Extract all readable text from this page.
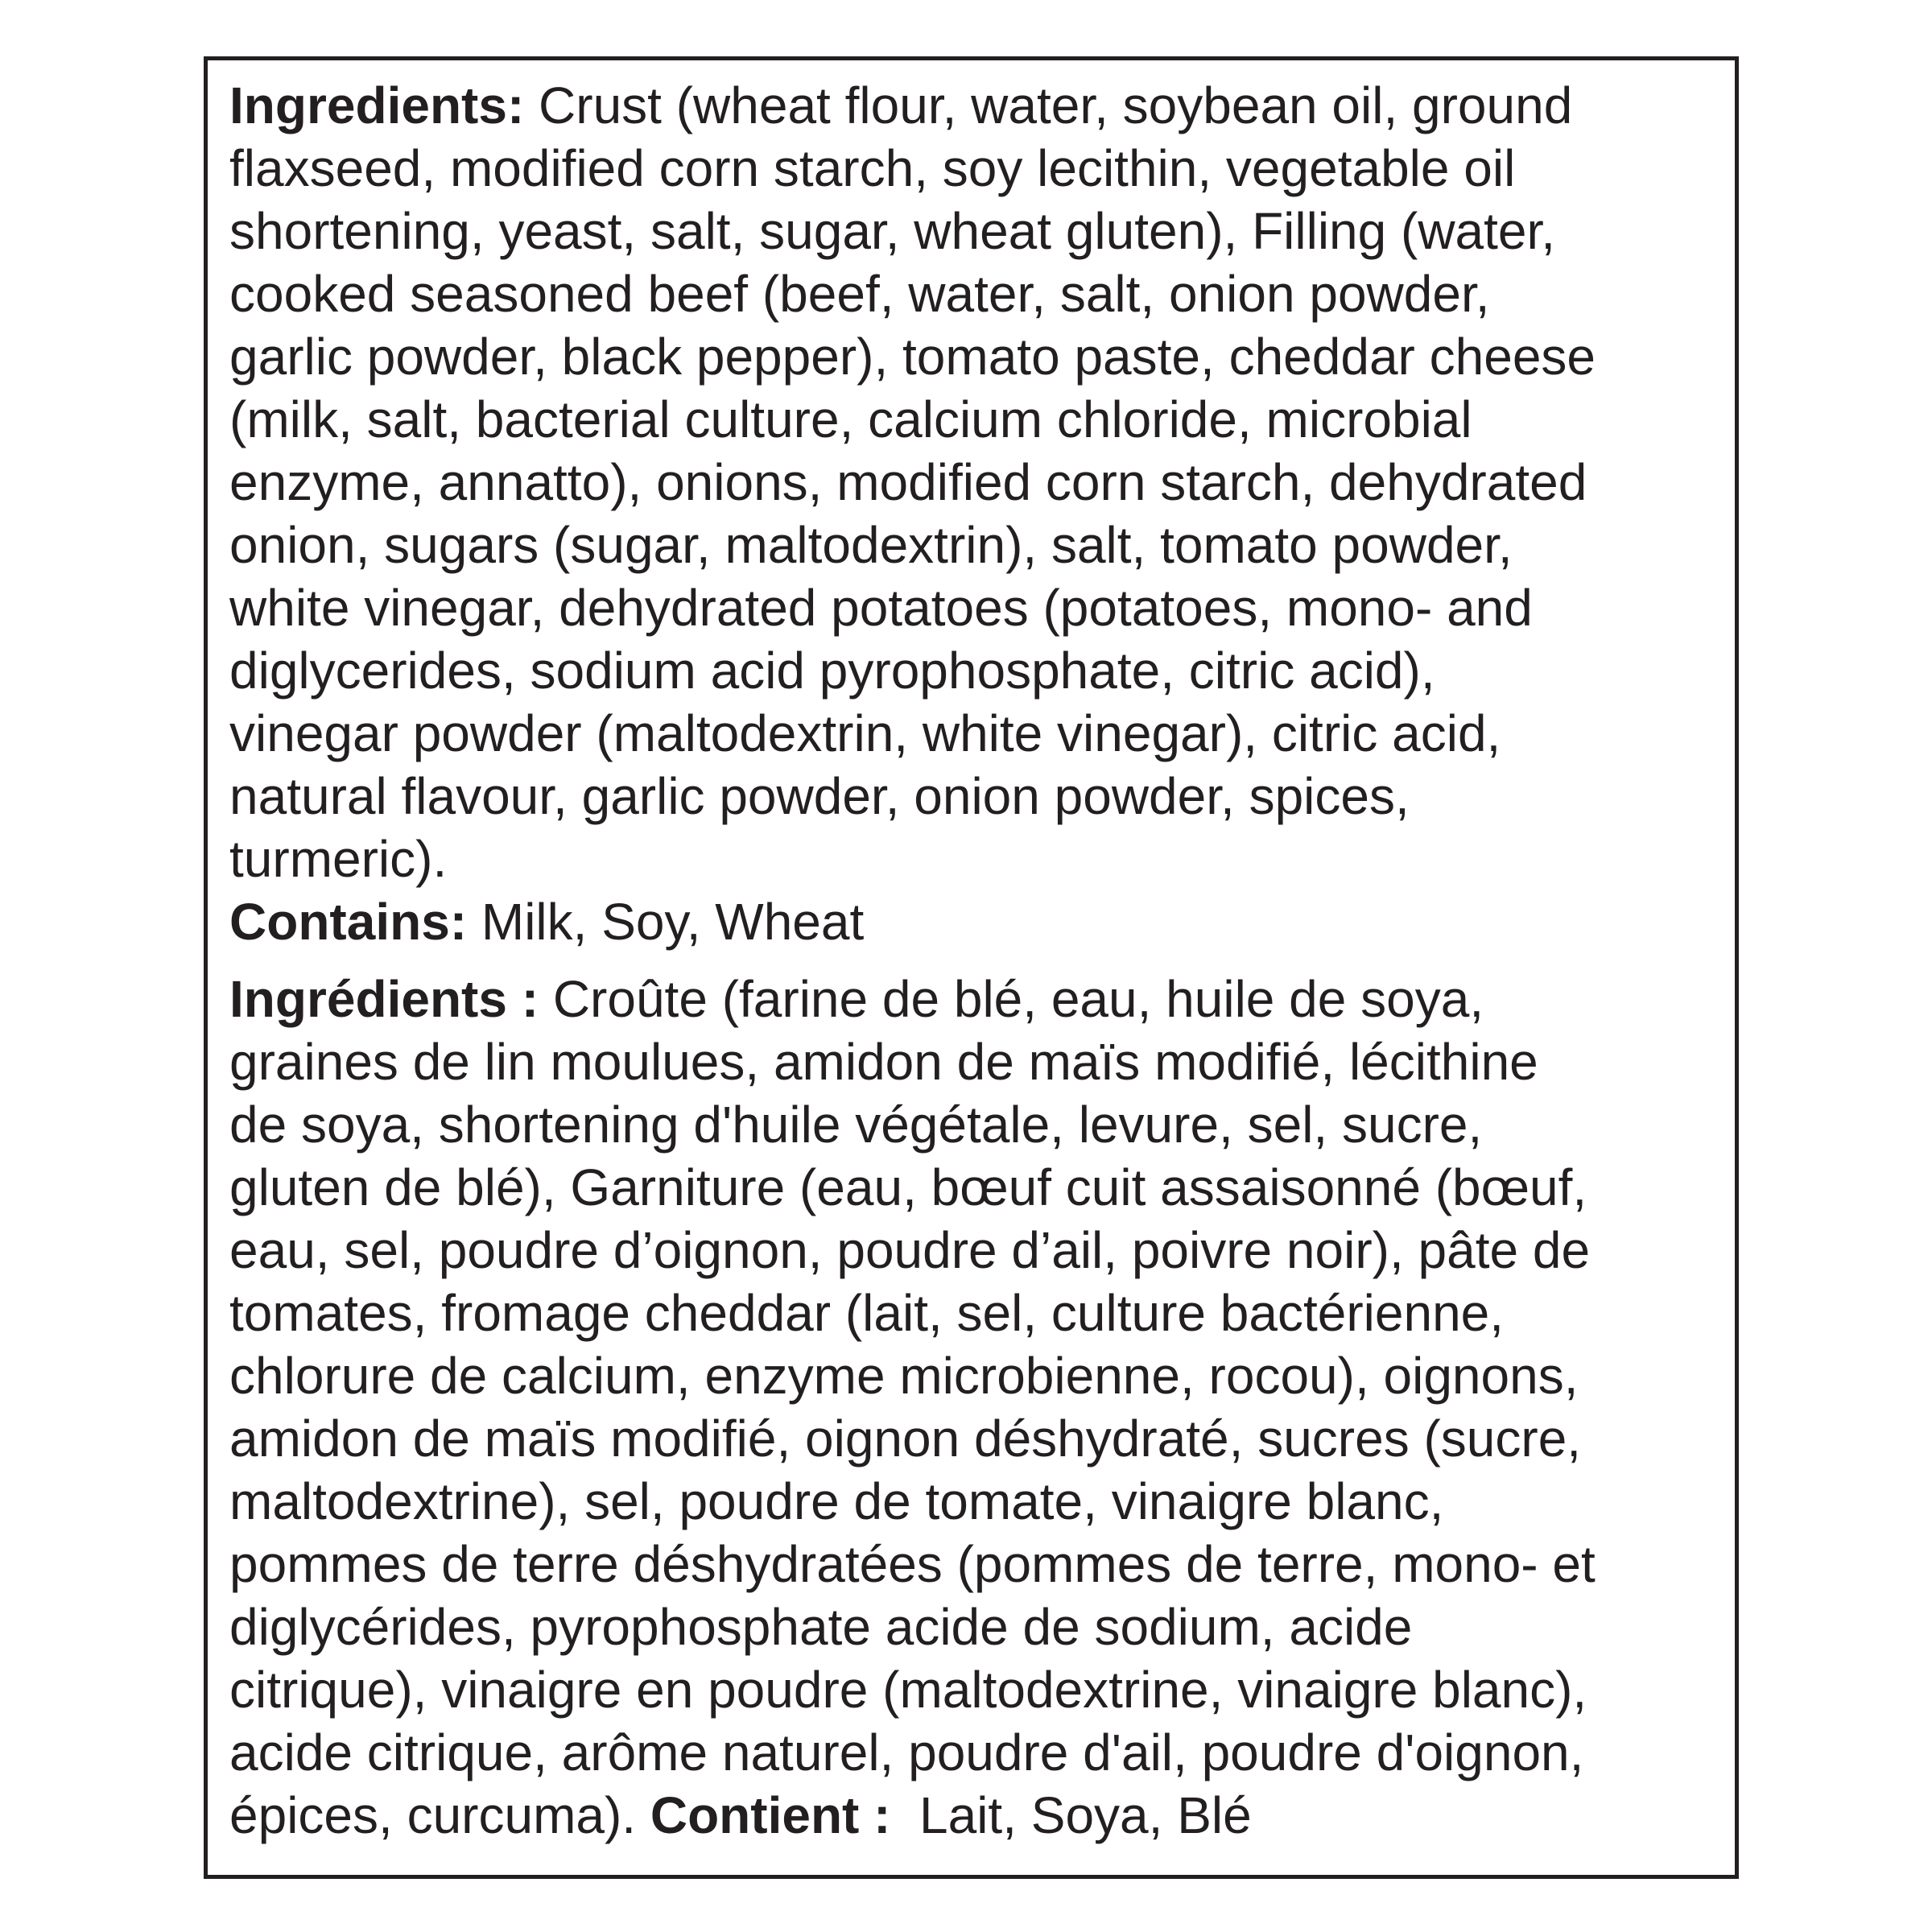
Ingredients: Crust (wheat flour, water, soybean oil, ground

flaxseed, modified corn starch, soy lecithin, vegetable oil

shortening, yeast, salt, sugar, wheat gluten), Filling (water,

cooked seasoned beef (beef, water, salt, onion powder,

garlic powder, black pepper), tomato paste, cheddar cheese

(milk, salt, bacterial culture, calcium chloride, microbial

enzyme, annatto), onions, modified corn starch, dehydrated

onion, sugars (sugar, maltodextrin), salt, tomato powder,

white vinegar, dehydrated potatoes (potatoes, mono- and

diglycerides, sodium acid pyrophosphate, citric acid),

vinegar powder (maltodextrin, white vinegar), citric acid,

natural flavour, garlic powder, onion powder, spices,

turmeric).

Contains: Milk, Soy, Wheat

Ingrédients : Croûte (farine de blé, eau, huile de soya,

graines de lin moulues, amidon de maïs modifié, lécithine

de soya, shortening d'huile végétale, levure, sel, sucre,

gluten de blé), Garniture (eau, bœuf cuit assaisonné (bœuf,

eau, sel, poudre d’oignon, poudre d’ail, poivre noir), pâte de

tomates, fromage cheddar (lait, sel, culture bactérienne,

chlorure de calcium, enzyme microbienne, rocou), oignons,

amidon de maïs modifié, oignon déshydraté, sucres (sucre,

maltodextrine), sel, poudre de tomate, vinaigre blanc,

pommes de terre déshydratées (pommes de terre, mono- et

diglycérides, pyrophosphate acide de sodium, acide

citrique), vinaigre en poudre (maltodextrine, vinaigre blanc),

acide citrique, arôme naturel, poudre d'ail, poudre d'oignon,

épices, curcuma). Contient :  Lait, Soya, Blé
